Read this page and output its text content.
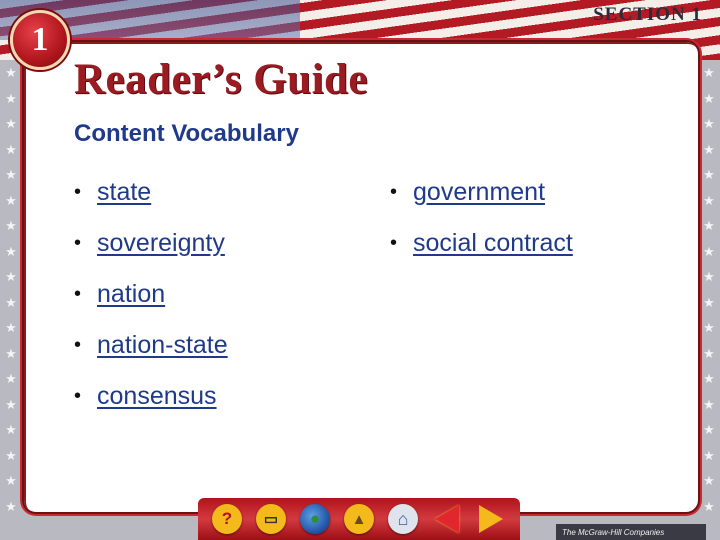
SECTION 1
★
★
★
★
★
★
★
★
★
★
★
★
★
★
★
★
★
★
★
★
★
★
★
★
★
★
★
★
★
★
★
★
★
★
★
★
1
Reader’s Guide
Content Vocabulary
• state
• sovereignty
• nation
• nation-state
• consensus
• government
• social contract
?	▭	●	▲	⌂
The McGraw-Hill Companies
